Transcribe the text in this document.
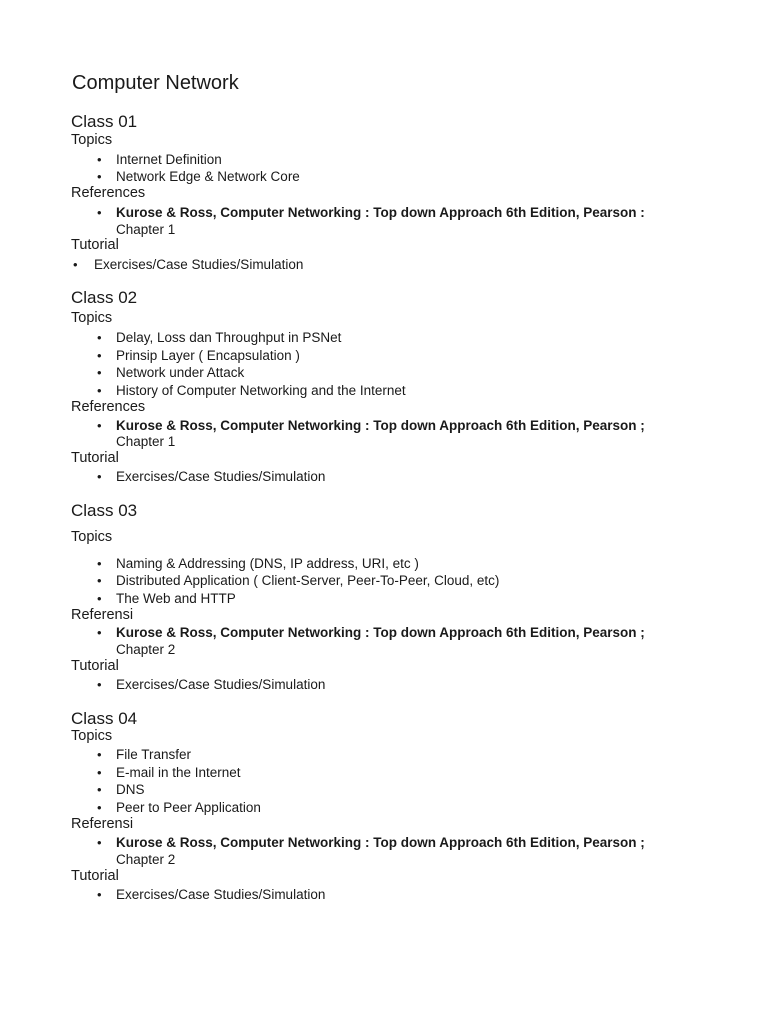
Computer Network
Class 01
Topics
•	Internet Definition
•	Network Edge & Network Core
References
•	Kurose & Ross, Computer Networking : Top down Approach 6th Edition, Pearson :
Chapter 1
Tutorial
•	Exercises/Case Studies/Simulation
Class 02
Topics
•	Delay, Loss dan Throughput in PSNet
•	Prinsip Layer ( Encapsulation )
•	Network under Attack
•	History of Computer Networking and the Internet
References
•	Kurose & Ross, Computer Networking : Top down Approach 6th Edition, Pearson ;
Chapter 1
Tutorial
•	Exercises/Case Studies/Simulation
Class 03
Topics
•	Naming & Addressing (DNS, IP address, URI, etc )
•	Distributed Application ( Client-Server, Peer-To-Peer, Cloud, etc)
•	The Web and HTTP
Referensi
•	Kurose & Ross, Computer Networking : Top down Approach 6th Edition, Pearson ;
Chapter 2
Tutorial
•	Exercises/Case Studies/Simulation
Class 04
Topics
•	File Transfer
•	E-mail in the Internet
•	DNS
•	Peer to Peer Application
Referensi
•	Kurose & Ross, Computer Networking : Top down Approach 6th Edition, Pearson ;
Chapter 2
Tutorial
•	Exercises/Case Studies/Simulation
